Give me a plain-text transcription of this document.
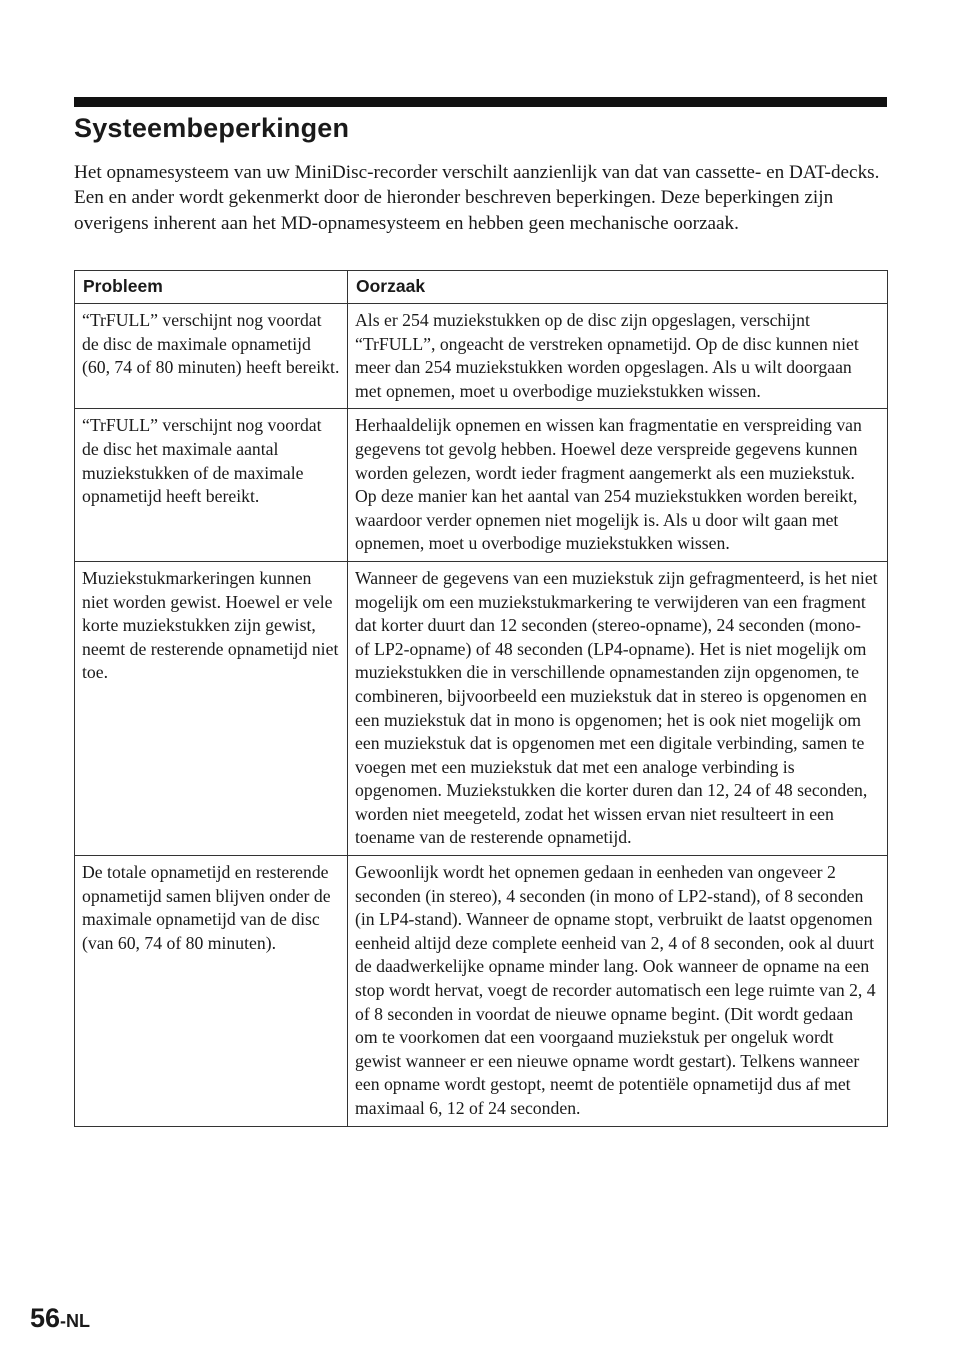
Systeembeperkingen

Het opnamesysteem van uw MiniDisc-recorder verschilt aanzienlijk van dat van cassette- en DAT-decks. Een en ander wordt gekenmerkt door de hieronder beschreven beperkingen. Deze beperkingen zijn overigens inherent aan het MD-opnamesysteem en hebben geen mechanische oorzaak.

Probleem	Oorzaak
“TrFULL” verschijnt nog voordat de disc de maximale opnametijd (60, 74 of 80 minuten) heeft bereikt.	Als er 254 muziekstukken op de disc zijn opgeslagen, verschijnt “TrFULL”, ongeacht de verstreken opnametijd. Op de disc kunnen niet meer dan 254 muziekstukken worden opgeslagen. Als u wilt doorgaan met opnemen, moet u overbodige muziekstukken wissen.
“TrFULL” verschijnt nog voordat de disc het maximale aantal muziekstukken of de maximale opnametijd heeft bereikt.	Herhaaldelijk opnemen en wissen kan fragmentatie en verspreiding van gegevens tot gevolg hebben. Hoewel deze verspreide gegevens kunnen worden gelezen, wordt ieder fragment aangemerkt als een muziekstuk. Op deze manier kan het aantal van 254 muziekstukken worden bereikt, waardoor verder opnemen niet mogelijk is. Als u door wilt gaan met opnemen, moet u overbodige muziekstukken wissen.
Muziekstukmarkeringen kunnen niet worden gewist. Hoewel er vele korte muziekstukken zijn gewist, neemt de resterende opnametijd niet toe.	Wanneer de gegevens van een muziekstuk zijn gefragmenteerd, is het niet mogelijk om een muziekstukmarkering te verwijderen van een fragment dat korter duurt dan 12 seconden (stereo-opname), 24 seconden (mono- of LP2-opname) of 48 seconden (LP4-opname). Het is niet mogelijk om muziekstukken die in verschillende opnamestanden zijn opgenomen, te combineren, bijvoorbeeld een muziekstuk dat in stereo is opgenomen en een muziekstuk dat in mono is opgenomen; het is ook niet mogelijk om een muziekstuk dat is opgenomen met een digitale verbinding, samen te voegen met een muziekstuk dat met een analoge verbinding is opgenomen. Muziekstukken die korter duren dan 12, 24 of 48 seconden, worden niet meegeteld, zodat het wissen ervan niet resulteert in een toename van de resterende opnametijd.
De totale opnametijd en resterende opnametijd samen blijven onder de maximale opnametijd van de disc (van 60, 74 of 80 minuten).	Gewoonlijk wordt het opnemen gedaan in eenheden van ongeveer 2 seconden (in stereo), 4 seconden (in mono of LP2-stand), of 8 seconden (in LP4-stand). Wanneer de opname stopt, verbruikt de laatst opgenomen eenheid altijd deze complete eenheid van 2, 4 of 8 seconden, ook al duurt de daadwerkelijke opname minder lang. Ook wanneer de opname na een stop wordt hervat, voegt de recorder automatisch een lege ruimte van 2, 4 of 8 seconden in voordat de nieuwe opname begint. (Dit wordt gedaan om te voorkomen dat een voorgaand muziekstuk per ongeluk wordt gewist wanneer er een nieuwe opname wordt gestart). Telkens wanneer een opname wordt gestopt, neemt de potentiële opnametijd dus af met maximaal 6, 12 of 24 seconden.
56-NL
